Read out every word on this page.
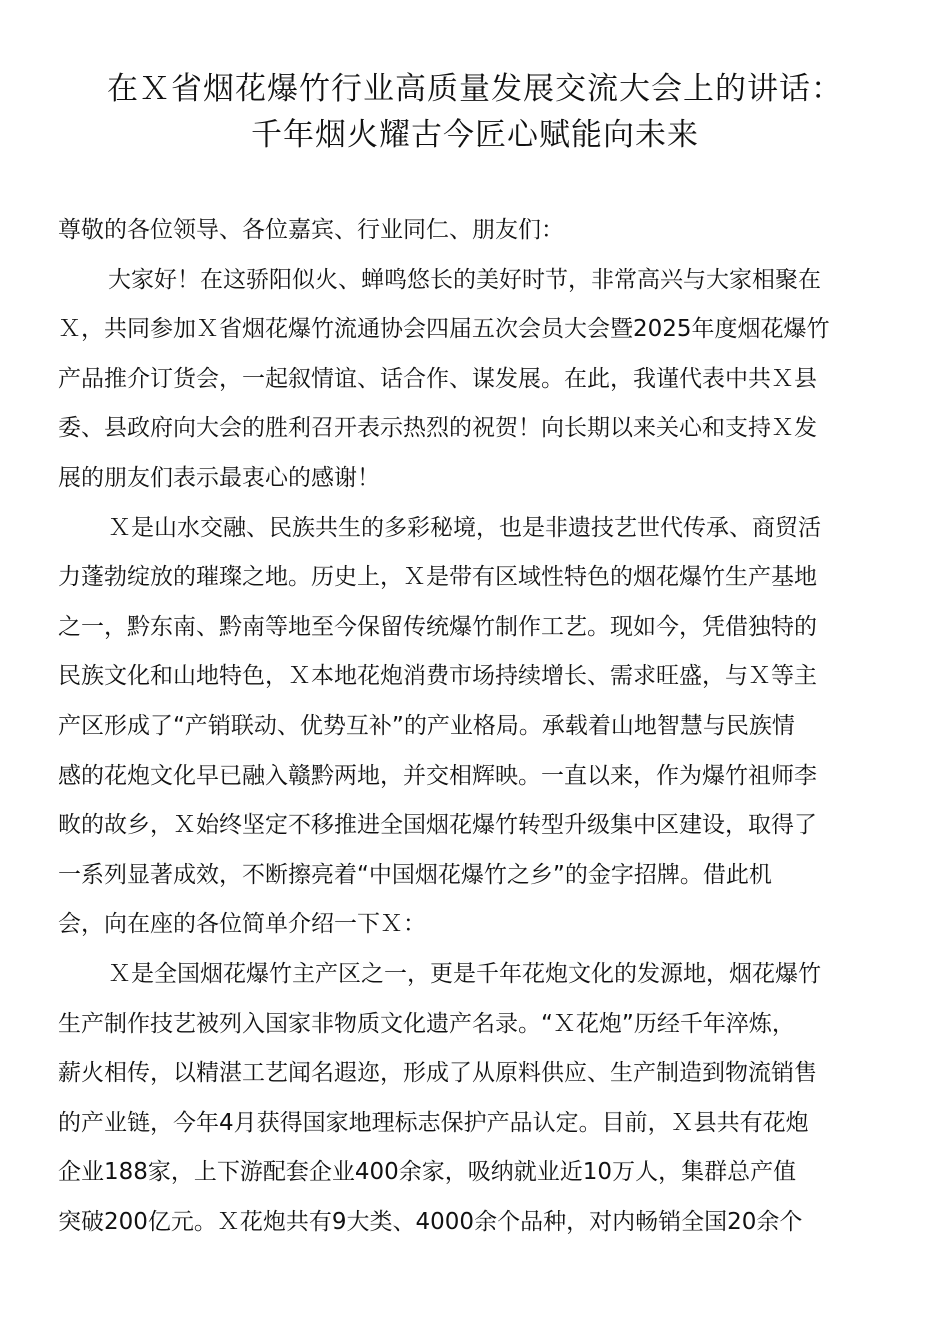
在Ｘ省烟花爆竹行业高质量发展交流大会上的讲话：
千年烟火耀古今匠心赋能向未来

尊敬的各位领导、各位嘉宾、行业同仁、朋友们：

大家好！在这骄阳似火、蝉鸣悠长的美好时节，非常高兴与大家相聚在
Ｘ，共同参加Ｘ省烟花爆竹流通协会四届五次会员大会暨2025年度烟花爆竹
产品推介订货会，一起叙情谊、话合作、谋发展。在此，我谨代表中共Ｘ县
委、县政府向大会的胜利召开表示热烈的祝贺！向长期以来关心和支持Ｘ发
展的朋友们表示最衷心的感谢！
Ｘ是山水交融、民族共生的多彩秘境，也是非遗技艺世代传承、商贸活
力蓬勃绽放的璀璨之地。历史上，Ｘ是带有区域性特色的烟花爆竹生产基地
之一，黔东南、黔南等地至今保留传统爆竹制作工艺。现如今，凭借独特的
民族文化和山地特色，Ｘ本地花炮消费市场持续增长、需求旺盛，与Ｘ等主
产区形成了“产销联动、优势互补”的产业格局。承载着山地智慧与民族情
感的花炮文化早已融入赣黔两地，并交相辉映。一直以来，作为爆竹祖师李
畋的故乡，Ｘ始终坚定不移推进全国烟花爆竹转型升级集中区建设，取得了
一系列显著成效，不断擦亮着“中国烟花爆竹之乡”的金字招牌。借此机
会，向在座的各位简单介绍一下Ｘ：
Ｘ是全国烟花爆竹主产区之一，更是千年花炮文化的发源地，烟花爆竹
生产制作技艺被列入国家非物质文化遗产名录。“Ｘ花炮”历经千年淬炼，
薪火相传，以精湛工艺闻名遐迩，形成了从原料供应、生产制造到物流销售
的产业链，今年4月获得国家地理标志保护产品认定。目前，Ｘ县共有花炮
企业188家，上下游配套企业400余家，吸纳就业近10万人，集群总产值
突破200亿元。Ｘ花炮共有9大类、4000余个品种，对内畅销全国20余个
